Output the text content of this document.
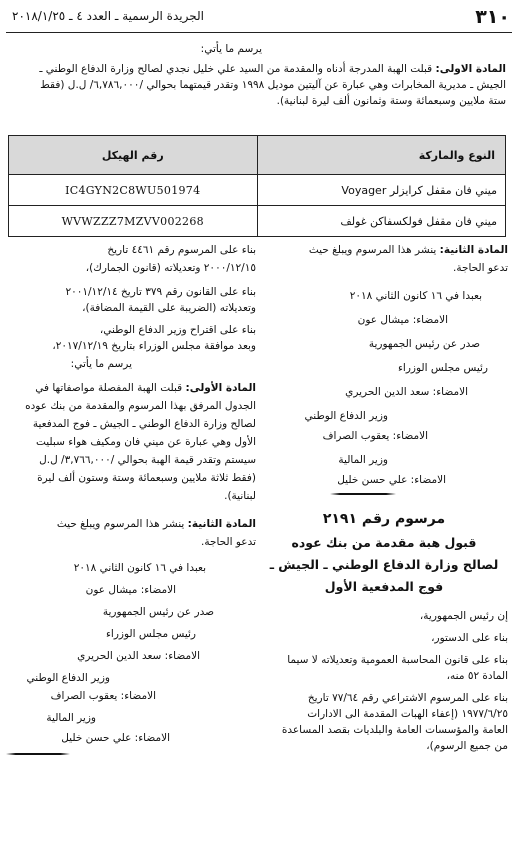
٣١٠
الجريدة الرسمية ـ العدد ٤ ـ ٢٠١٨/١/٢٥
يرسم ما يأتي:
المادة الاولى: قبلت الهبة المدرجة أدناه والمقدمة من السيد علي خليل نجدي لصالح وزارة الدفاع الوطني ـ
الجيش ـ مديرية المخابرات وهي عبارة عن آليتين موديل ١٩٩٨ وتقدر قيمتهما بحوالي /٦,٧٨٦,٠٠٠/ ل.ل (فقط
ستة ملايين وسبعمائة وستة وثمانون ألف ليرة لبنانية).
النوع والماركة	رقم الهيكل
ميني فان مقفل كرايزلر Voyager	IC4GYN2C8WU501974
ميني فان مقفل فولكسفاكن غولف	WVWZZZ7MZVV002268
المادة الثانية: ينشر هذا المرسوم ويبلغ حيث
تدعو الحاجة.
بعبدا في ١٦ كانون الثاني ٢٠١٨
الامضاء: ميشال عون
صدر عن رئيس الجمهورية
رئيس مجلس الوزراء
الامضاء: سعد الدين الحريري
وزير الدفاع الوطني
الامضاء: يعقوب الصراف
وزير المالية
الامضاء: علي حسن خليل
مرسوم رقم ٢١٩١
قبول هبة مقدمة من بنك عوده
لصالح وزارة الدفاع الوطني ـ الجيش ـ
فوج المدفعية الأول
إن رئيس الجمهورية،
بناء على الدستور،
بناء على قانون المحاسبة العمومية وتعديلاته لا سيما
المادة ٥٢ منه،
بناء على المرسوم الاشتراعي رقم ٧٧/٦٤ تاريخ
١٩٧٧/٦/٢٥ (إعفاء الهبات المقدمة الى الادارات
العامة والمؤسسات العامة والبلديات بقصد المساعدة
من جميع الرسوم)،
بناء على المرسوم رقم ٤٤٦١ تاريخ
٢٠٠٠/١٢/١٥ وتعديلاته (قانون الجمارك)،
بناء على القانون رقم ٣٧٩ تاريخ ٢٠٠١/١٢/١٤
وتعديلاته (الضريبة على القيمة المضافة)،
بناء على اقتراح وزير الدفاع الوطني،
وبعد موافقة مجلس الوزراء بتاريخ ٢٠١٧/١٢/١٩،
يرسم ما يأتي:
المادة الأولى: قبلت الهبة المفصلة مواصفاتها في
الجدول المرفق بهذا المرسوم والمقدمة من بنك عوده
لصالح وزارة الدفاع الوطني ـ الجيش ـ فوج المدفعية
الأول وهي عبارة عن ميني فان ومكيف هواء سبليت
سيستم وتقدر قيمة الهبة بحوالي /٣,٧٦٦,٠٠٠/ ل.ل
(فقط ثلاثة ملايين وسبعمائة وستة وستون ألف ليرة
لبنانية).
المادة الثانية: ينشر هذا المرسوم ويبلغ حيث
تدعو الحاجة.
بعبدا في ١٦ كانون الثاني ٢٠١٨
الامضاء: ميشال عون
صدر عن رئيس الجمهورية
رئيس مجلس الوزراء
الامضاء: سعد الدين الحريري
وزير الدفاع الوطني
الامضاء: يعقوب الصراف
وزير المالية
الامضاء: علي حسن خليل
